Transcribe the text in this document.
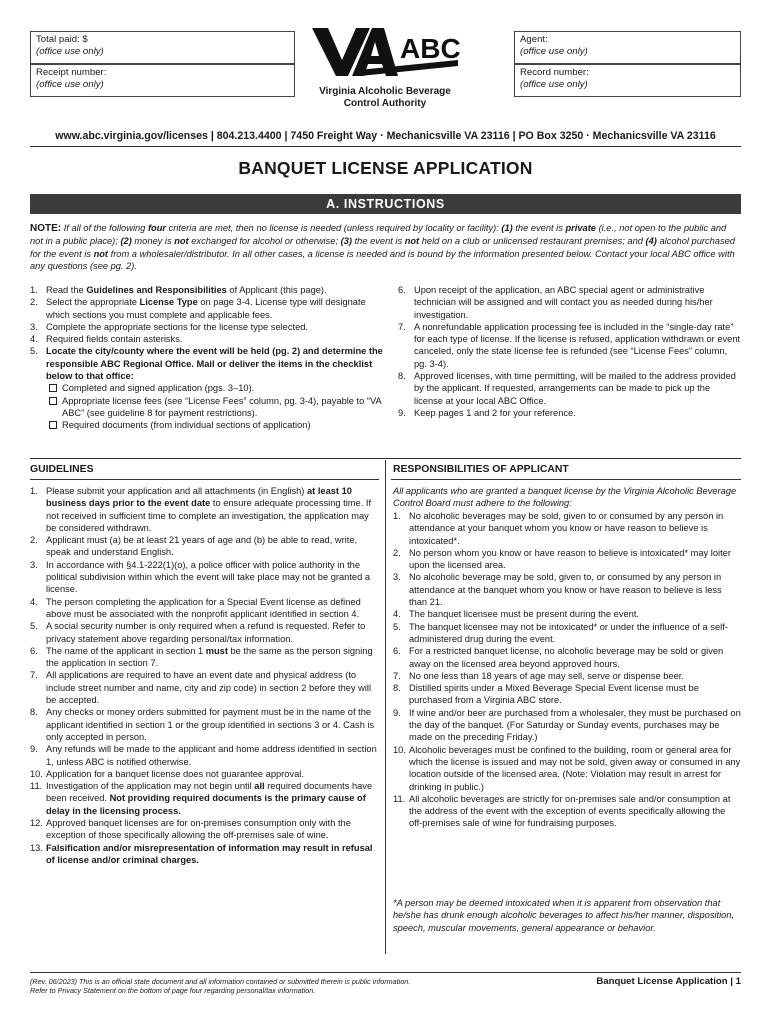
Total paid: $
(office use only)
Receipt number:
(office use only)
Agent:
(office use only)
Record number:
(office use only)
ABC
Virginia Alcoholic Beverage
Control Authority
www.abc.virginia.gov/licenses | 804.213.4400 | 7450 Freight Way · Mechanicsville VA 23116 | PO Box 3250 · Mechanicsville VA 23116
BANQUET LICENSE APPLICATION
A. INSTRUCTIONS
NOTE: If all of the following four criteria are met, then no license is needed (unless required by locality or facility): (1) the event is private (i.e., not open to the public and not in a public place); (2) money is not exchanged for alcohol or otherwise; (3) the event is not held on a club or unlicensed restaurant premises; and (4) alcohol purchased for the event is not from a wholesaler/distributor. In all other cases, a license is needed and is bound by the information presented below. Contact your local ABC office with any questions (see pg. 2).
1. Read the Guidelines and Responsibilities of Applicant (this page).
2. Select the appropriate License Type on page 3-4. License type will designate which sections you must complete and applicable fees.
3. Complete the appropriate sections for the license type selected.
4. Required fields contain asterisks.
5. Locate the city/county where the event will be held (pg. 2) and determine the responsible ABC Regional Office. Mail or deliver the items in the checklist below to that office:
Completed and signed application (pgs. 3–10).
Appropriate license fees (see “License Fees” column, pg. 3-4), payable to “VA ABC” (see guideline 8 for payment restrictions).
Required documents (from individual sections of application)
6. Upon receipt of the application, an ABC special agent or administrative technician will be assigned and will contact you as needed during his/her investigation.
7. A nonrefundable application processing fee is included in the “single-day rate” for each type of license. If the license is refused, application withdrawn or event canceled, only the state license fee is refunded (see “License Fees” column, pg. 3-4).
8. Approved licenses, with time permitting, will be mailed to the address provided by the applicant. If requested, arrangements can be made to pick up the license at your local ABC Office.
9. Keep pages 1 and 2 for your reference.
GUIDELINES	RESPONSIBILITIES OF APPLICANT
1. Please submit your application and all attachments (in English) at least 10 business days prior to the event date to ensure adequate processing time. If not received in sufficient time to complete an investigation, the application may be considered withdrawn.
2. Applicant must (a) be at least 21 years of age and (b) be able to read, write, speak and understand English.
3. In accordance with §4.1-222(1)(o), a police officer with police authority in the political subdivision within which the event will take place may not be granted a license.
4. The person completing the application for a Special Event license as defined above must be associated with the nonprofit applicant identified in section 4.
5. A social security number is only required when a refund is requested. Refer to privacy statement above regarding personal/tax information.
6. The name of the applicant in section 1 must be the same as the person signing the application in section 7.
7. All applications are required to have an event date and physical address (to include street number and name, city and zip code) in section 2 before they will be accepted.
8. Any checks or money orders submitted for payment must be in the name of the applicant identified in section 1 or the group identified in sections 3 or 4. Cash is only accepted in person.
9. Any refunds will be made to the applicant and home address identified in section 1, unless ABC is notified otherwise.
10. Application for a banquet license does not guarantee approval.
11. Investigation of the application may not begin until all required documents have been received. Not providing required documents is the primary cause of delay in the licensing process.
12. Approved banquet licenses are for on-premises consumption only with the exception of those specifically allowing the off-premises sale of wine.
13. Falsification and/or misrepresentation of information may result in refusal of license and/or criminal charges.
All applicants who are granted a banquet license by the Virginia Alcoholic Beverage Control Board must adhere to the following:
1. No alcoholic beverages may be sold, given to or consumed by any person in attendance at your banquet whom you know or have reason to believe is intoxicated*.
2. No person whom you know or have reason to believe is intoxicated* may loiter upon the licensed area.
3. No alcoholic beverage may be sold, given to, or consumed by any person in attendance at the banquet whom you know or have reason to believe is less than 21.
4. The banquet licensee must be present during the event.
5. The banquet licensee may not be intoxicated* or under the influence of a self-administered drug during the event.
6. For a restricted banquet license, no alcoholic beverage may be sold or given away on the licensed area beyond approved hours.
7. No one less than 18 years of age may sell, serve or dispense beer.
8. Distilled spirits under a Mixed Beverage Special Event license must be purchased from a Virginia ABC store.
9. If wine and/or beer are purchased from a wholesaler, they must be purchased on the day of the banquet. (For Saturday or Sunday events, purchases may be made on the preceding Friday.)
10. Alcoholic beverages must be confined to the building, room or general area for which the license is issued and may not be sold, given away or consumed in any location outside of the licensed area. (Note: Violation may result in arrest for drinking in public.)
11. All alcoholic beverages are strictly for on-premises sale and/or consumption at the address of the event with the exception of events specifically allowing the off-premises sale of wine for fundraising purposes.
*A person may be deemed intoxicated when it is apparent from observation that he/she has drunk enough alcoholic beverages to affect his/her manner, disposition, speech, muscular movements, general appearance or behavior.
(Rev. 06/2023) This is an official state document and all information contained or submitted therein is public information.
Refer to Privacy Statement on the bottom of page four regarding personal/tax information.
Banquet License Application | 1
